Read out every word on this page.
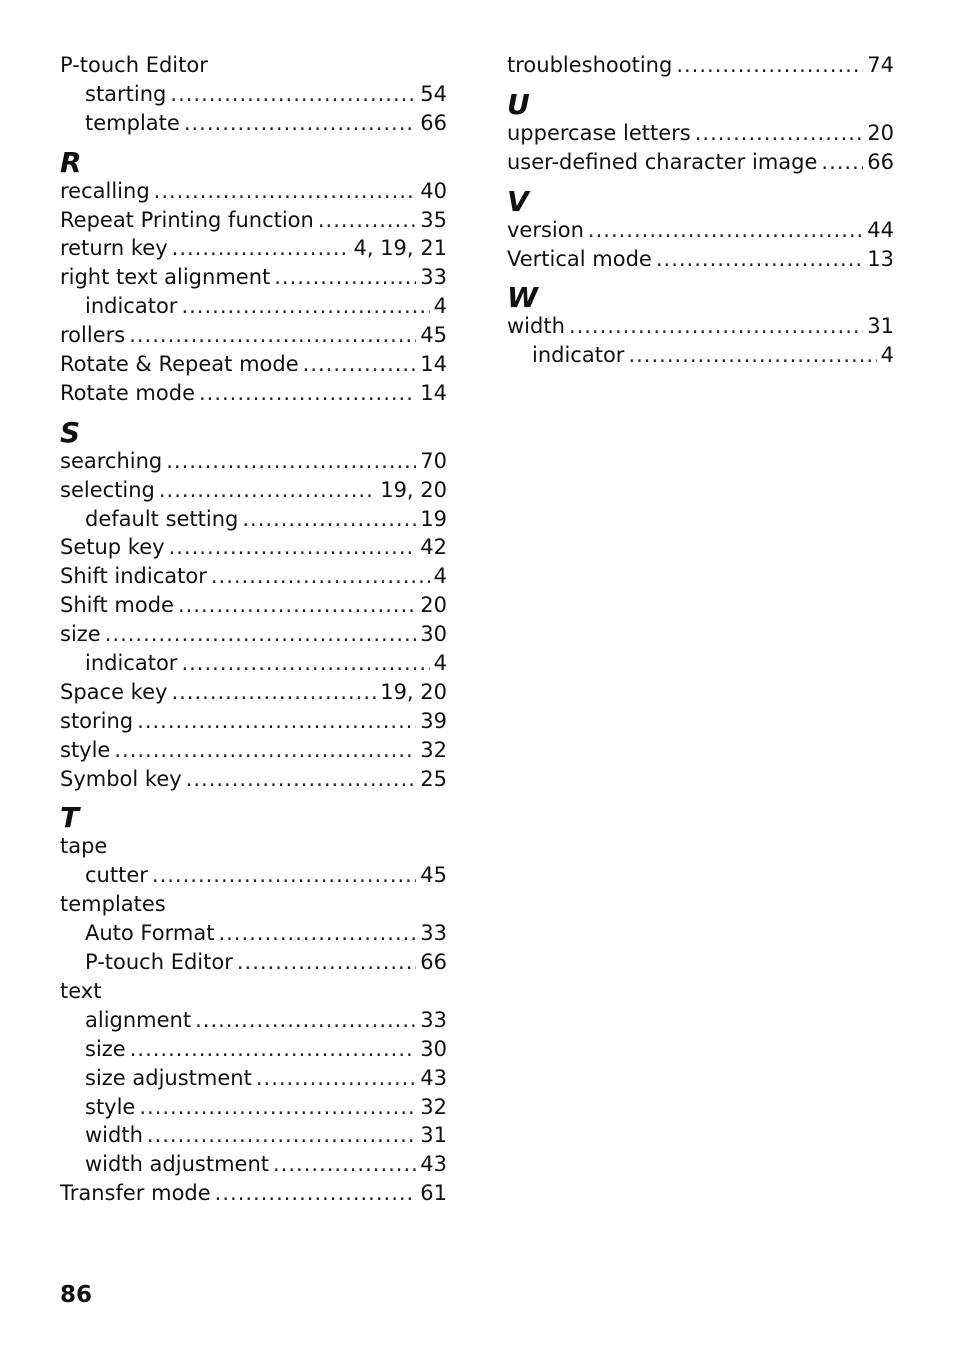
P-touch Editor
starting .....	54
template .....	66
R
recalling .....	40
Repeat Printing function .....	35
return key .....	4, 19, 21
right text alignment .....	33
indicator .....	4
rollers .....	45
Rotate & Repeat mode .....	14
Rotate mode .....	14
S
searching .....	70
selecting .....	19, 20
default setting .....	19
Setup key .....	42
Shift indicator .....	4
Shift mode .....	20
size .....	30
indicator .....	4
Space key .....	19, 20
storing .....	39
style .....	32
Symbol key .....	25
T
tape
cutter .....	45
templates
Auto Format .....	33
P-touch Editor .....	66
text
alignment .....	33
size .....	30
size adjustment .....	43
style .....	32
width .....	31
width adjustment .....	43
Transfer mode .....	61
troubleshooting .....	74
U
uppercase letters .....	20
user-defined character image ..... 66
V
version .....	44
Vertical mode .....	13
W
width .....	31
indicator .....	4
86
